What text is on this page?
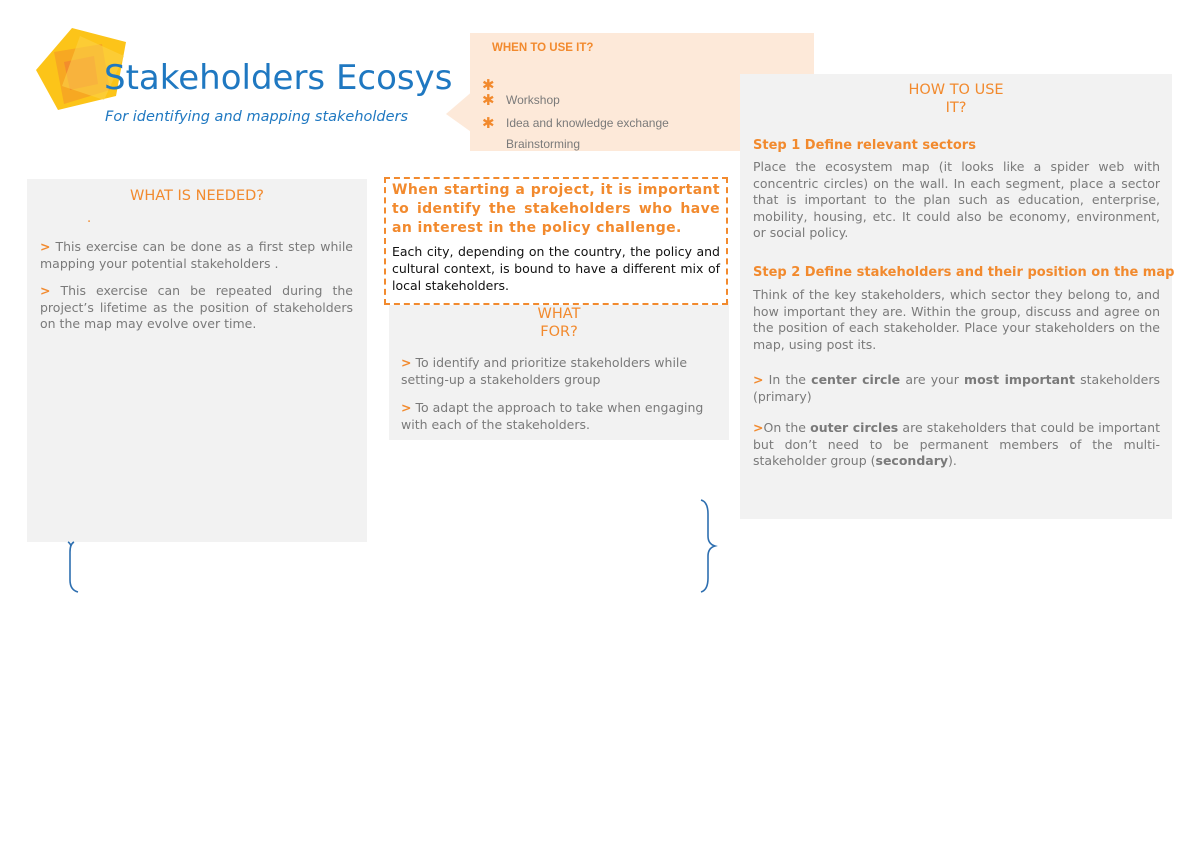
Stakeholders Ecosys
For identifying and mapping stakeholders
WHEN TO USE IT?
✱
✱ Workshop
✱ Idea and knowledge exchange
Brainstorming
WHAT IS NEEDED?
.
> This exercise can be done as a first step while mapping your potential stakeholders .
> This exercise can be repeated during the project’s lifetime as the position of stakeholders on the map may evolve over time.
WHAT
FOR?
> To identify and prioritize stakeholders while setting-up a stakeholders group
> To adapt the approach to take when engaging with each of the stakeholders.
When starting a project, it is important to identify the stakeholders who have an interest in the policy challenge.
Each city, depending on the country, the policy and cultural context, is bound to have a different mix of local stakeholders.
HOW TO USE
IT?
Step 1 Define relevant sectors
Place the ecosystem map (it looks like a spider web with concentric circles) on the wall. In each segment, place a sector that is important to the plan such as education, enterprise, mobility, housing, etc. It could also be economy, environment, or social policy.
Step 2 Define stakeholders and their position on the map
Think of the key stakeholders, which sector they belong to, and how important they are. Within the group, discuss and agree on the position of each stakeholder. Place your stakeholders on the map, using post its.
> In the center circle are your most important stakeholders (primary)
>On the outer circles are stakeholders that could be important but don’t need to be permanent members of the multi- stakeholder group (secondary).
